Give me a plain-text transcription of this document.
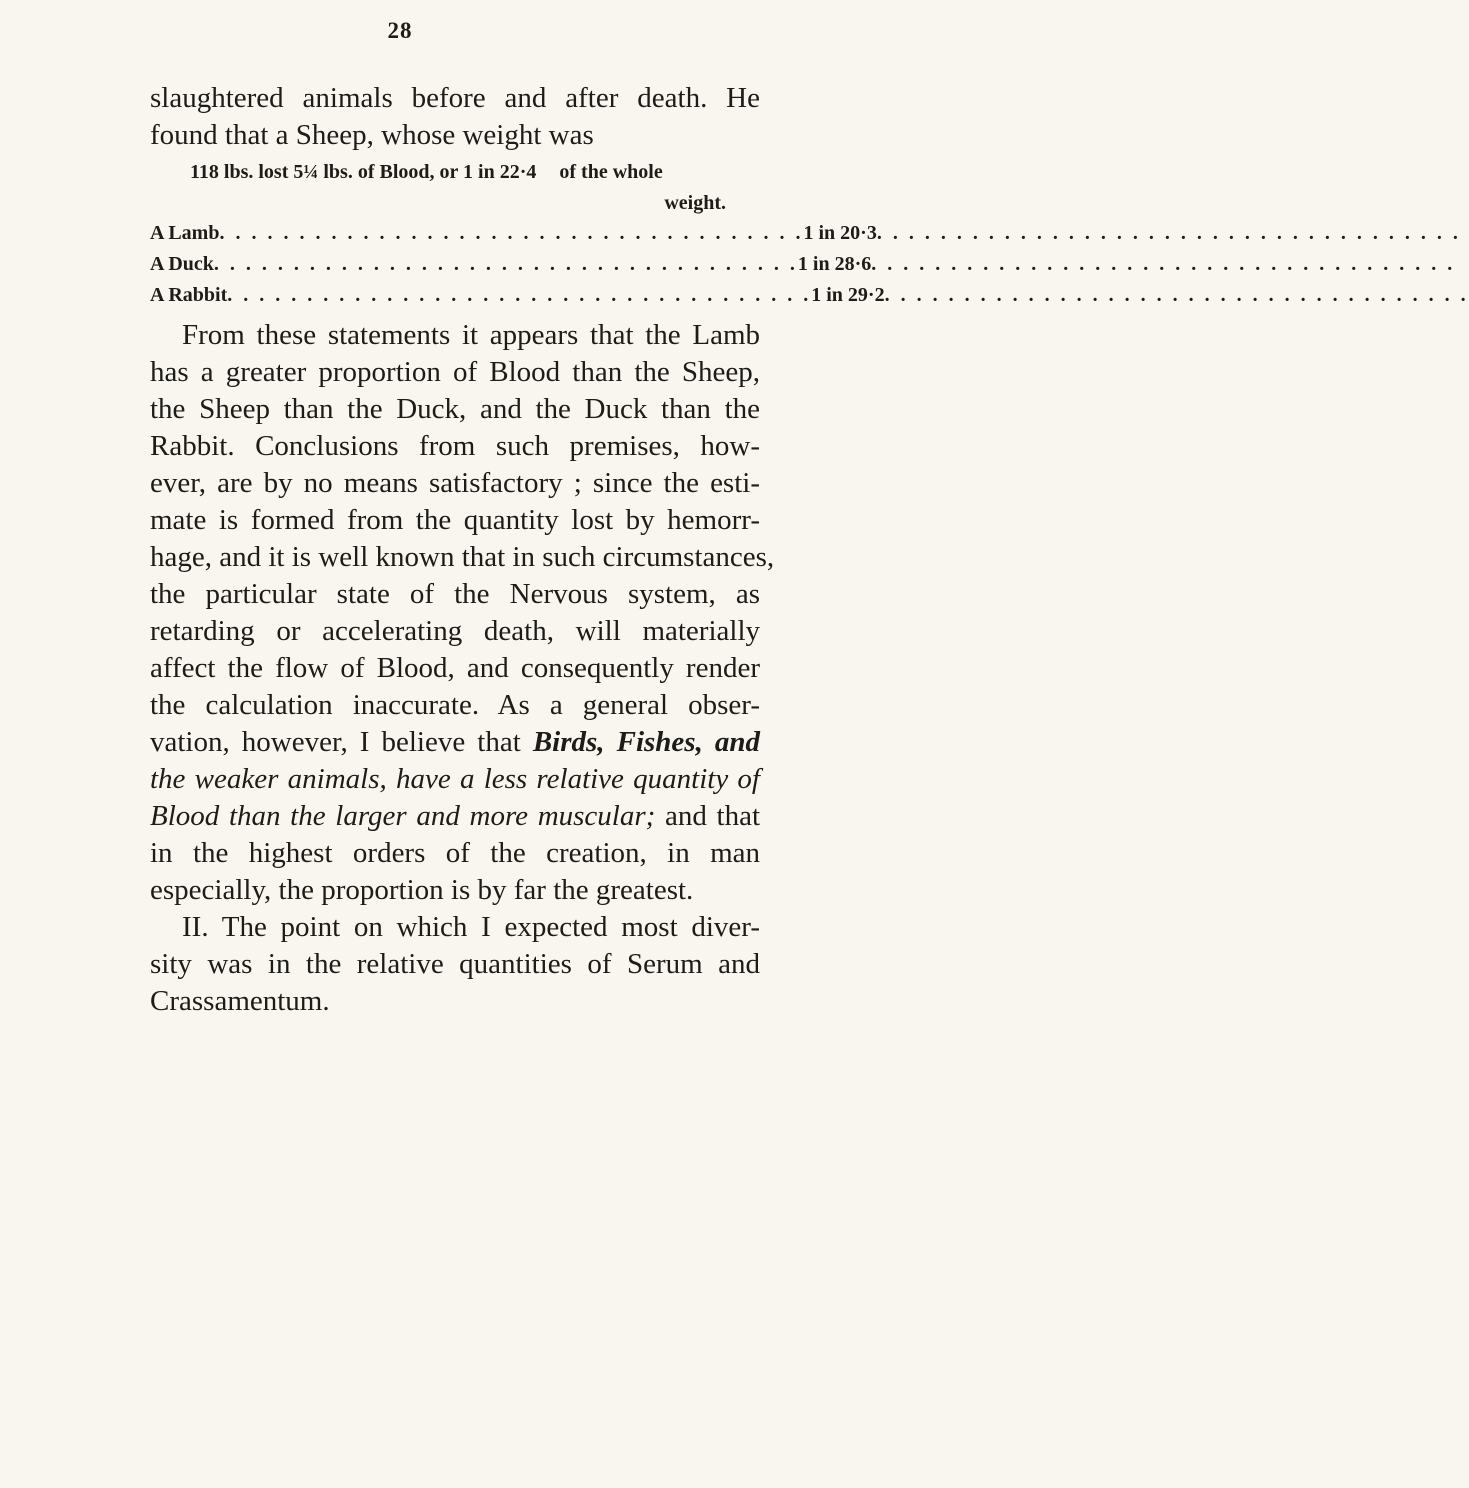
28
slaughtered animals before and after death. He
found that a Sheep, whose weight was
118 lbs. lost 5¼ lbs. of Blood, or 1 in 22·4 of the whole
weight.
A Lamb . . . . . . . . . . . . . . . . . . . . . . . . . . . . . . . . . . . . . 1 in 20·3 . . . . . . . . . . . . . . . . . . . . . . . . . . . . . . . . . . . . .
A Duck . . . . . . . . . . . . . . . . . . . . . . . . . . . . . . . . . . . . . 1 in 28·6 . . . . . . . . . . . . . . . . . . . . . . . . . . . . . . . . . . . . .
A Rabbit . . . . . . . . . . . . . . . . . . . . . . . . . . . . . . . . . . . . . 1 in 29·2 . . . . . . . . . . . . . . . . . . . . . . . . . . . . . . . . . . . . .
From these statements it appears that the Lamb
has a greater proportion of Blood than the Sheep,
the Sheep than the Duck, and the Duck than the
Rabbit. Conclusions from such premises, how-
ever, are by no means satisfactory ; since the esti-
mate is formed from the quantity lost by hemorr-
hage, and it is well known that in such circumstances,
the particular state of the Nervous system, as
retarding or accelerating death, will materially
affect the flow of Blood, and consequently render
the calculation inaccurate. As a general obser-
vation, however, I believe that Birds, Fishes, and
the weaker animals, have a less relative quantity of
Blood than the larger and more muscular; and that
in the highest orders of the creation, in man
especially, the proportion is by far the greatest.
II. The point on which I expected most diver-
sity was in the relative quantities of Serum and
Crassamentum.
